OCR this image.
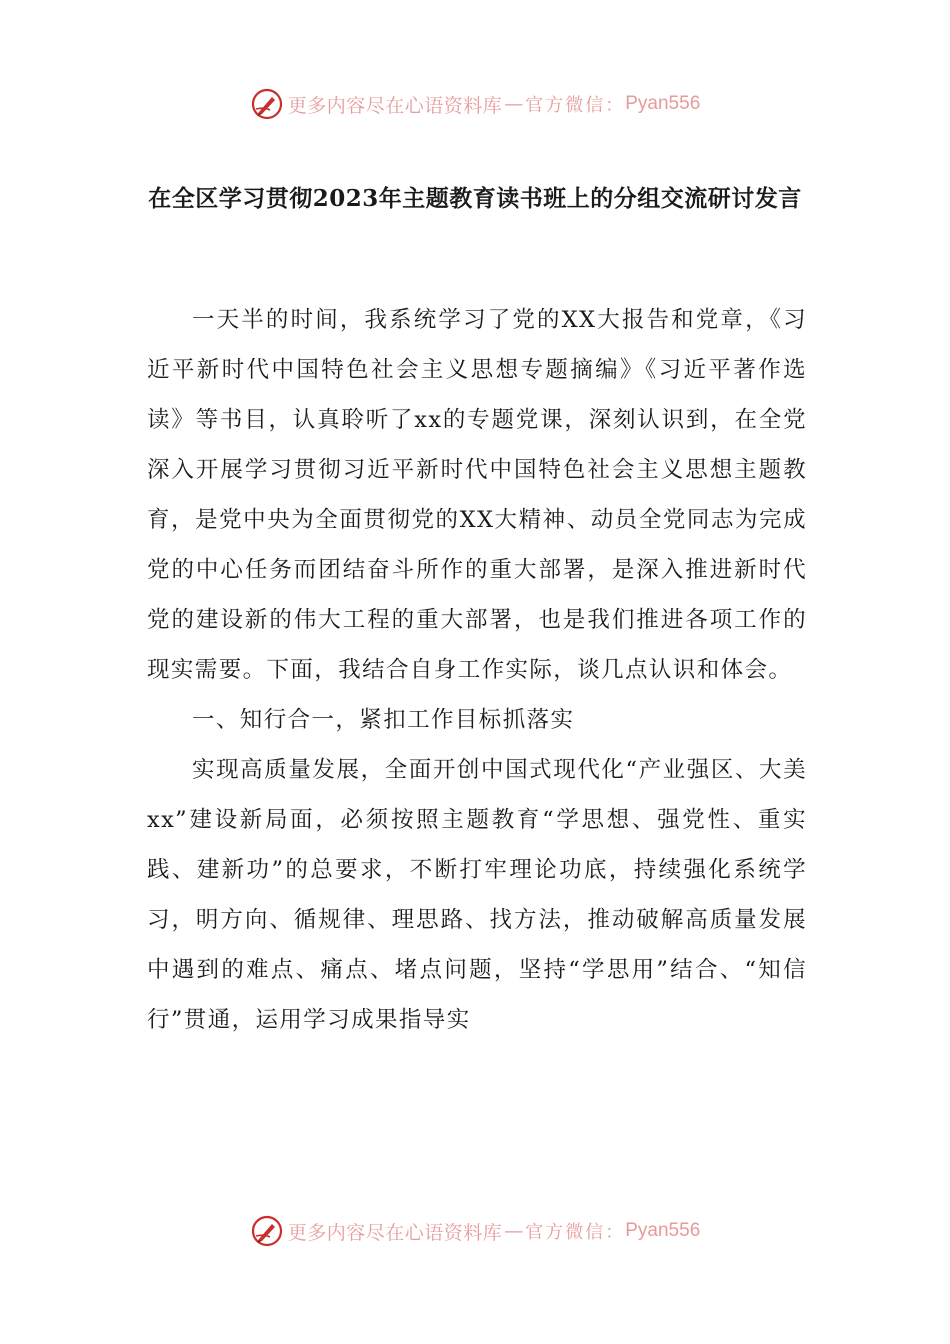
更多内容尽在心语资料库 — 官方微信： Pyan556
在全区学习贯彻2023年主题教育读书班上的分组交流研讨发言

一天半的时间，我系统学习了党的XX大报告和党章，《习近平新时代中国特色社会主义思想专题摘编》《习近平著作选读》等书目，认真聆听了xx的专题党课，深刻认识到，在全党深入开展学习贯彻习近平新时代中国特色社会主义思想主题教育，是党中央为全面贯彻党的XX大精神、动员全党同志为完成党的中心任务而团结奋斗所作的重大部署，是深入推进新时代党的建设新的伟大工程的重大部署，也是我们推进各项工作的现实需要。下面，我结合自身工作实际，谈几点认识和体会。

一、知行合一，紧扣工作目标抓落实

实现高质量发展，全面开创中国式现代化“产业强区、大美xx”建设新局面，必须按照主题教育“学思想、强党性、重实践、建新功”的总要求，不断打牢理论功底，持续强化系统学习，明方向、循规律、理思路、找方法，推动破解高质量发展中遇到的难点、痛点、堵点问题，坚持“学思用”结合、“知信行”贯通，运用学习成果指导实

更多内容尽在心语资料库 — 官方微信： Pyan556
